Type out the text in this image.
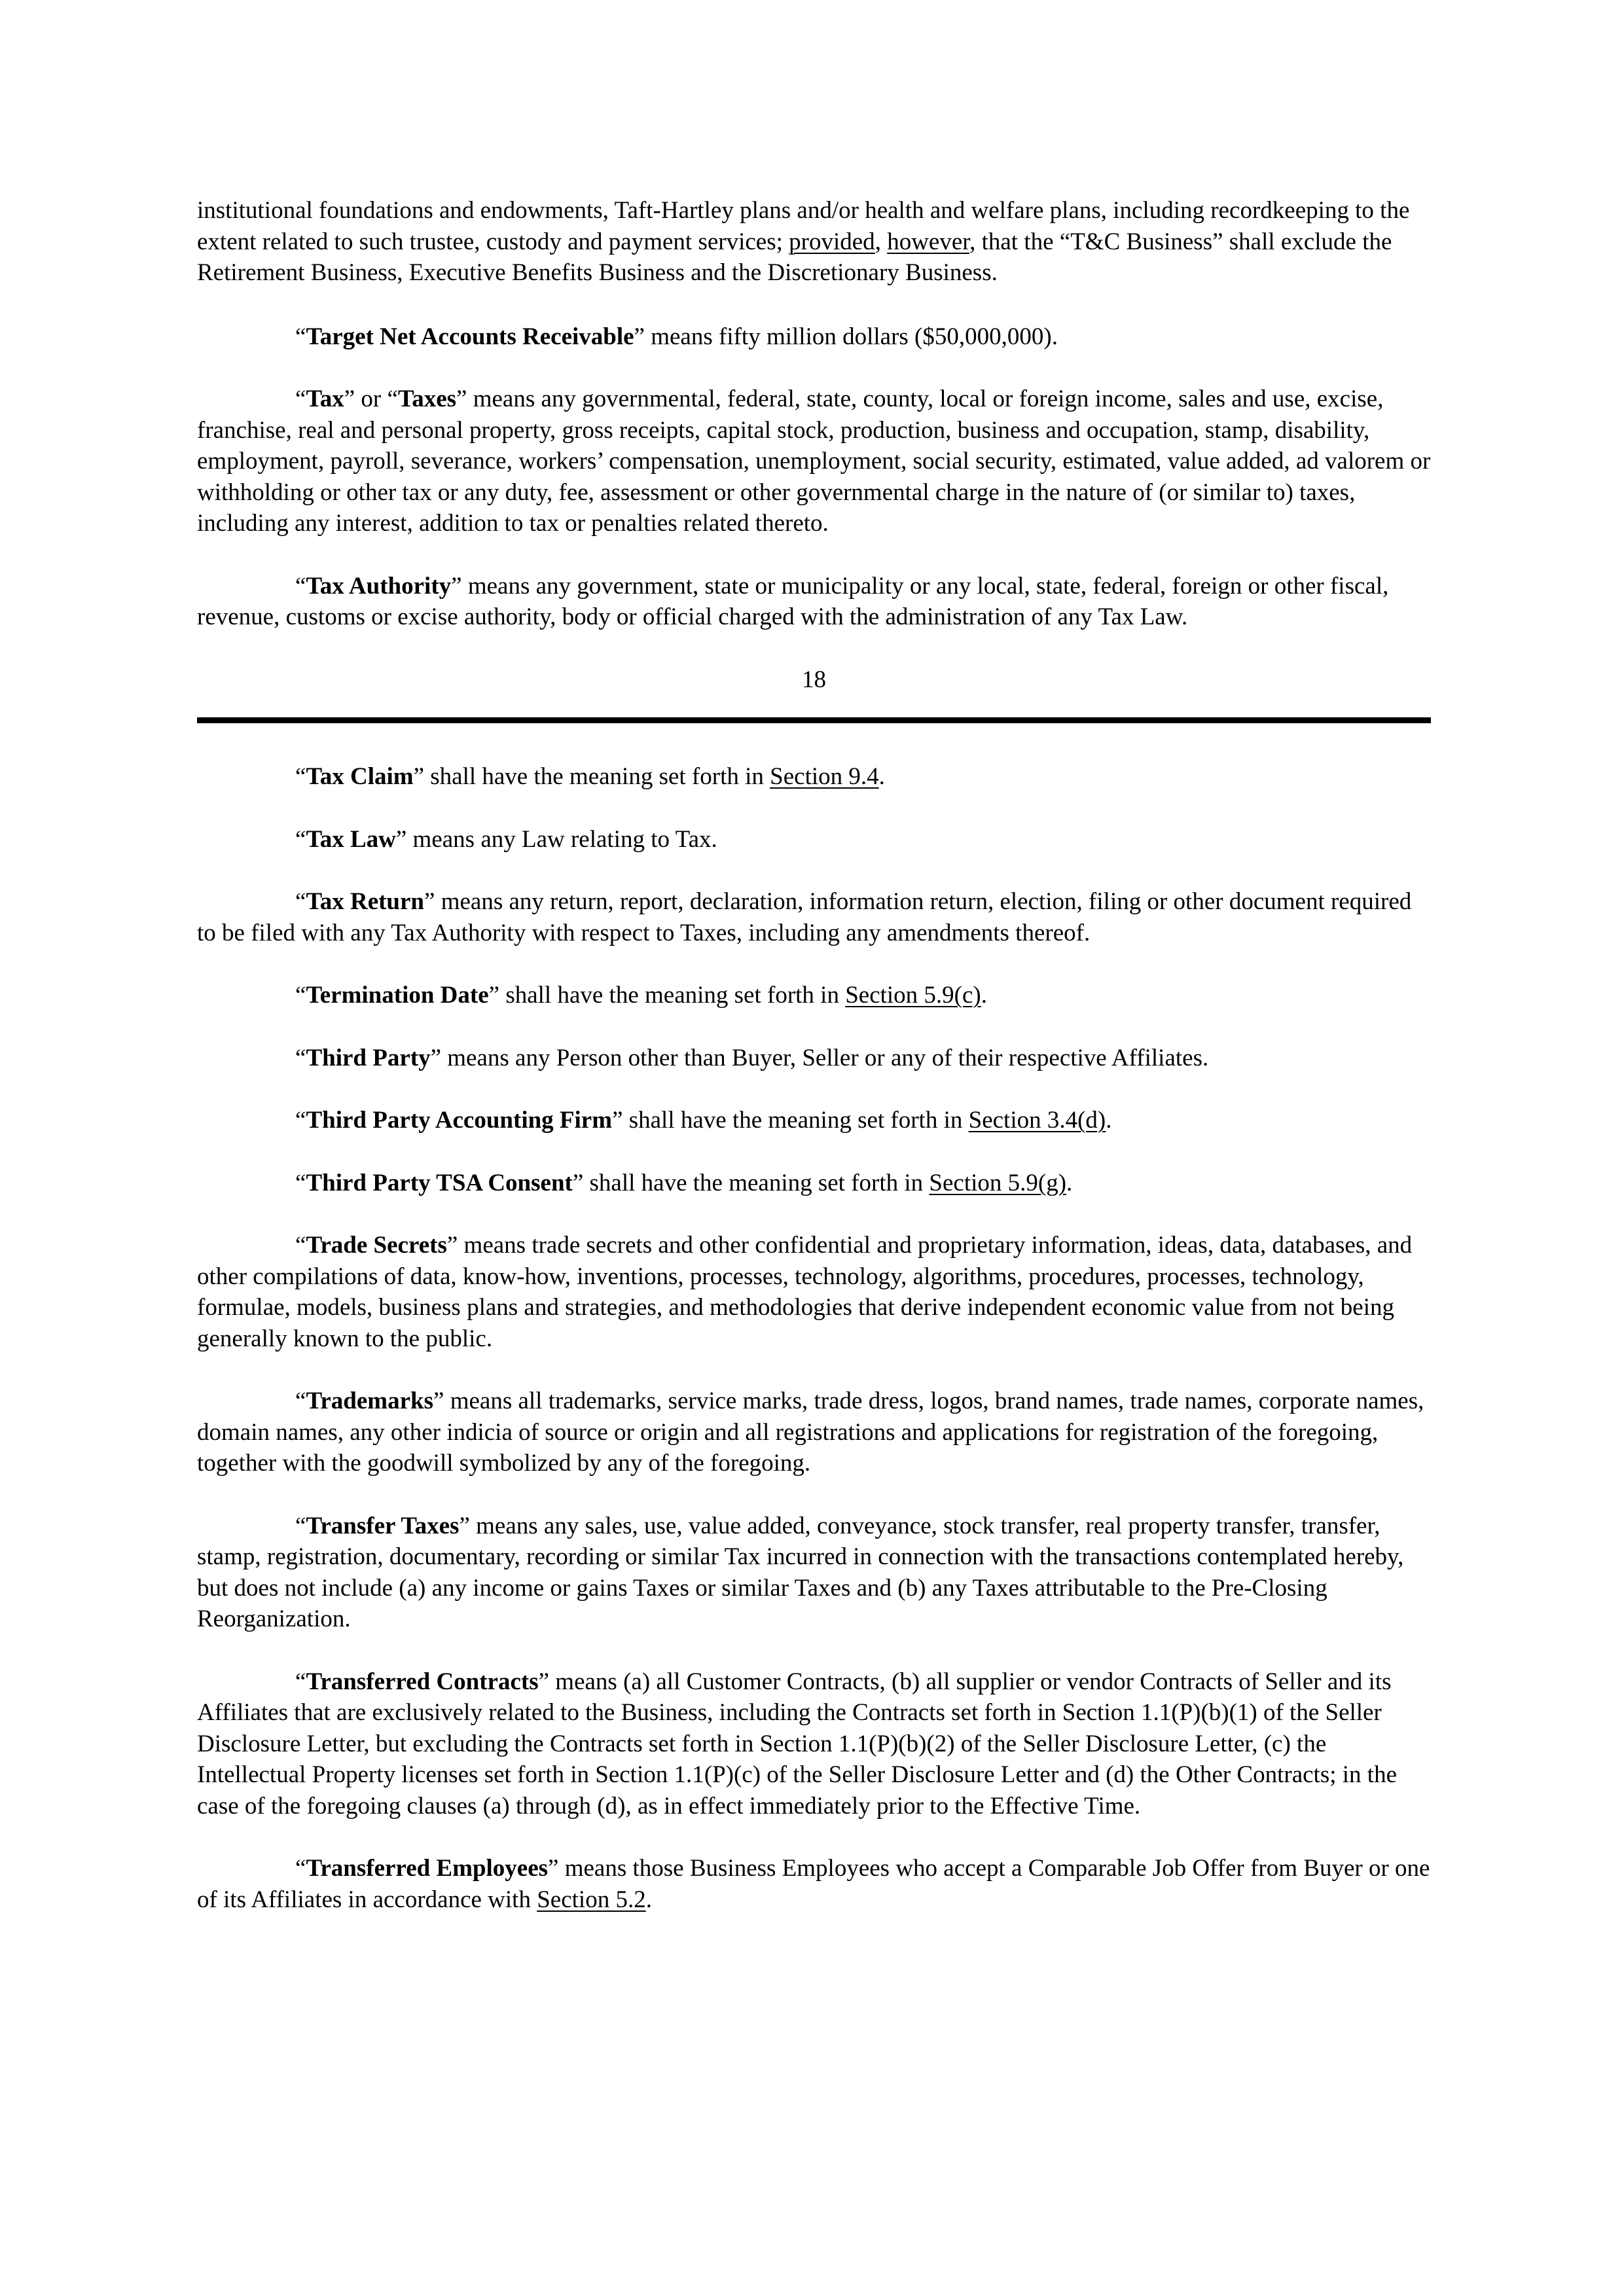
institutional foundations and endowments, Taft-Hartley plans and/or health and welfare plans, including recordkeeping to the extent related to such trustee, custody and payment services; provided, however, that the “T&C Business” shall exclude the Retirement Business, Executive Benefits Business and the Discretionary Business.

“Target Net Accounts Receivable” means fifty million dollars ($50,000,000).

“Tax” or “Taxes” means any governmental, federal, state, county, local or foreign income, sales and use, excise, franchise, real and personal property, gross receipts, capital stock, production, business and occupation, stamp, disability, employment, payroll, severance, workers’ compensation, unemployment, social security, estimated, value added, ad valorem or withholding or other tax or any duty, fee, assessment or other governmental charge in the nature of (or similar to) taxes, including any interest, addition to tax or penalties related thereto.

“Tax Authority” means any government, state or municipality or any local, state, federal, foreign or other fiscal, revenue, customs or excise authority, body or official charged with the administration of any Tax Law.

18

“Tax Claim” shall have the meaning set forth in Section 9.4.

“Tax Law” means any Law relating to Tax.

“Tax Return” means any return, report, declaration, information return, election, filing or other document required to be filed with any Tax Authority with respect to Taxes, including any amendments thereof.

“Termination Date” shall have the meaning set forth in Section 5.9(c).

“Third Party” means any Person other than Buyer, Seller or any of their respective Affiliates.

“Third Party Accounting Firm” shall have the meaning set forth in Section 3.4(d).

“Third Party TSA Consent” shall have the meaning set forth in Section 5.9(g).

“Trade Secrets” means trade secrets and other confidential and proprietary information, ideas, data, databases, and other compilations of data, know-how, inventions, processes, technology, algorithms, procedures, processes, technology, formulae, models, business plans and strategies, and methodologies that derive independent economic value from not being generally known to the public.

“Trademarks” means all trademarks, service marks, trade dress, logos, brand names, trade names, corporate names, domain names, any other indicia of source or origin and all registrations and applications for registration of the foregoing, together with the goodwill symbolized by any of the foregoing.

“Transfer Taxes” means any sales, use, value added, conveyance, stock transfer, real property transfer, transfer, stamp, registration, documentary, recording or similar Tax incurred in connection with the transactions contemplated hereby, but does not include (a) any income or gains Taxes or similar Taxes and (b) any Taxes attributable to the Pre-Closing Reorganization.

“Transferred Contracts” means (a) all Customer Contracts, (b) all supplier or vendor Contracts of Seller and its Affiliates that are exclusively related to the Business, including the Contracts set forth in Section 1.1(P)(b)(1) of the Seller Disclosure Letter, but excluding the Contracts set forth in Section 1.1(P)(b)(2) of the Seller Disclosure Letter, (c) the Intellectual Property licenses set forth in Section 1.1(P)(c) of the Seller Disclosure Letter and (d) the Other Contracts; in the case of the foregoing clauses (a) through (d), as in effect immediately prior to the Effective Time.

“Transferred Employees” means those Business Employees who accept a Comparable Job Offer from Buyer or one of its Affiliates in accordance with Section 5.2.
